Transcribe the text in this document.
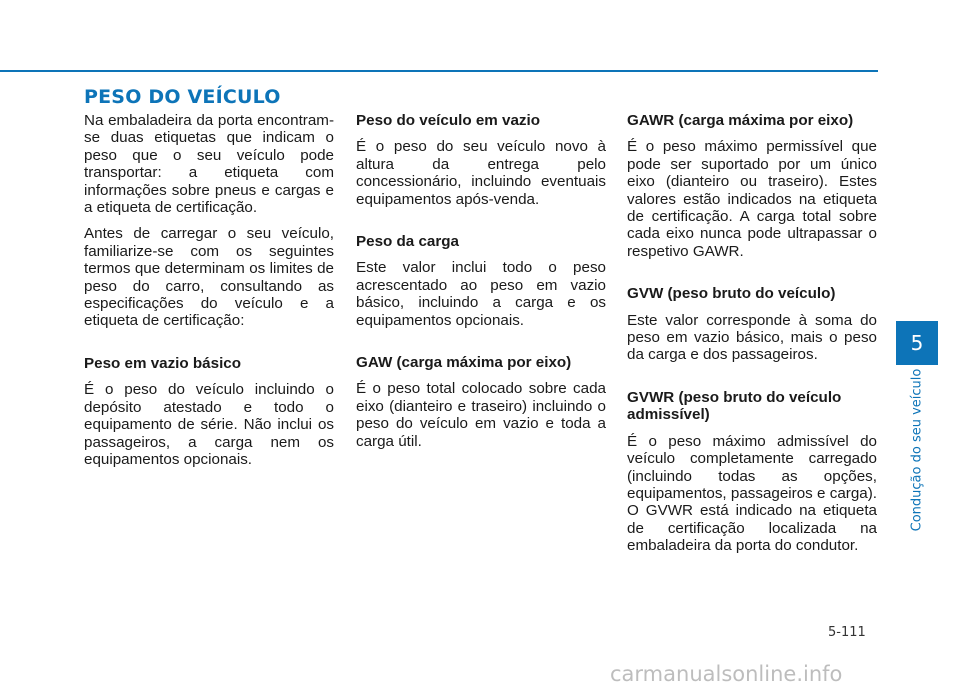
PESO DO VEÍCULO

Na embaladeira da porta encontram-se duas etiquetas que indicam o peso que o seu veículo pode transportar: a etiqueta com informações sobre pneus e cargas e a etiqueta de certificação.

Antes de carregar o seu veículo, familiarize-se com os seguintes termos que determinam os limites de peso do carro, consultando as especificações do veículo e a etiqueta de certificação:

Peso em vazio básico

É o peso do veículo incluindo o depósito atestado e todo o equipamento de série. Não inclui os passageiros, a carga nem os equipamentos opcionais.

Peso do veículo em vazio

É o peso do seu veículo novo à altura da entrega pelo concessionário, incluindo eventuais equipamentos após-venda.

Peso da carga

Este valor inclui todo o peso acrescentado ao peso em vazio básico, incluindo a carga e os equipamentos opcionais.

GAW (carga máxima por eixo)

É o peso total colocado sobre cada eixo (dianteiro e traseiro) incluindo o peso do veículo em vazio e toda a carga útil.

GAWR (carga máxima por eixo)

É o peso máximo permissível que pode ser suportado por um único eixo (dianteiro ou traseiro). Estes valores estão indicados na etiqueta de certificação. A carga total sobre cada eixo nunca pode ultrapassar o respetivo GAWR.

GVW (peso bruto do veículo)

Este valor corresponde à soma do peso em vazio básico, mais o peso da carga e dos passageiros.

GVWR (peso bruto do veículo admissível)

É o peso máximo admissível do veículo completamente carregado (incluindo todas as opções, equipamentos, passageiros e carga). O GVWR está indicado na etiqueta de certificação localizada na embaladeira da porta do condutor.

5
Condução do seu veículo
5-111
carmanualsonline.info
